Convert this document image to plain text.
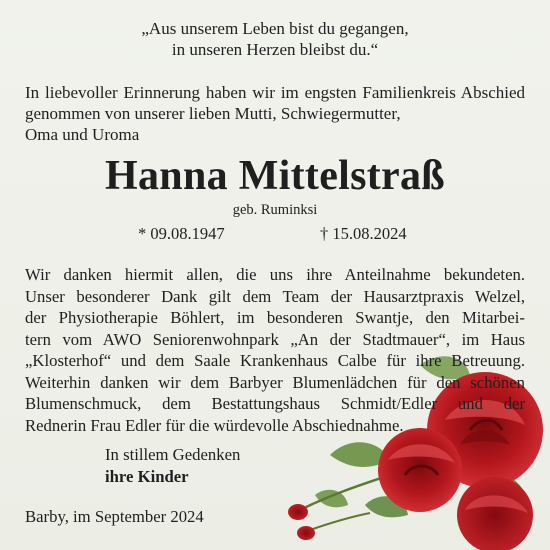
„Aus unserem Leben bist du gegangen,
in unseren Herzen bleibst du.“
In liebevoller Erinnerung haben wir im engsten Familienkreis Abschied genommen von unserer lieben Mutti, Schwiegermutter,
Oma und Uroma
Hanna Mittelstraß
geb. Ruminksi
* 09.08.1947	† 15.08.2024
Wir danken hiermit allen, die uns ihre Anteilnahme bekundeten.
Unser besonderer Dank gilt dem Team der Hausarztpraxis Welzel,
der Physiotherapie Böhlert, im besonderen Swantje, den Mitarbei-
tern vom AWO Seniorenwohnpark „An der Stadtmauer“, im Haus
„Klosterhof“ und dem Saale Krankenhaus Calbe für ihre Betreuung.
Weiterhin danken wir dem Barbyer Blumenlädchen für den schönen
Blumenschmuck, dem Bestattungshaus Schmidt/Edler und der
Rednerin Frau Edler für die würdevolle Abschiednahme.
In stillem Gedenken
ihre Kinder
Barby, im September 2024
